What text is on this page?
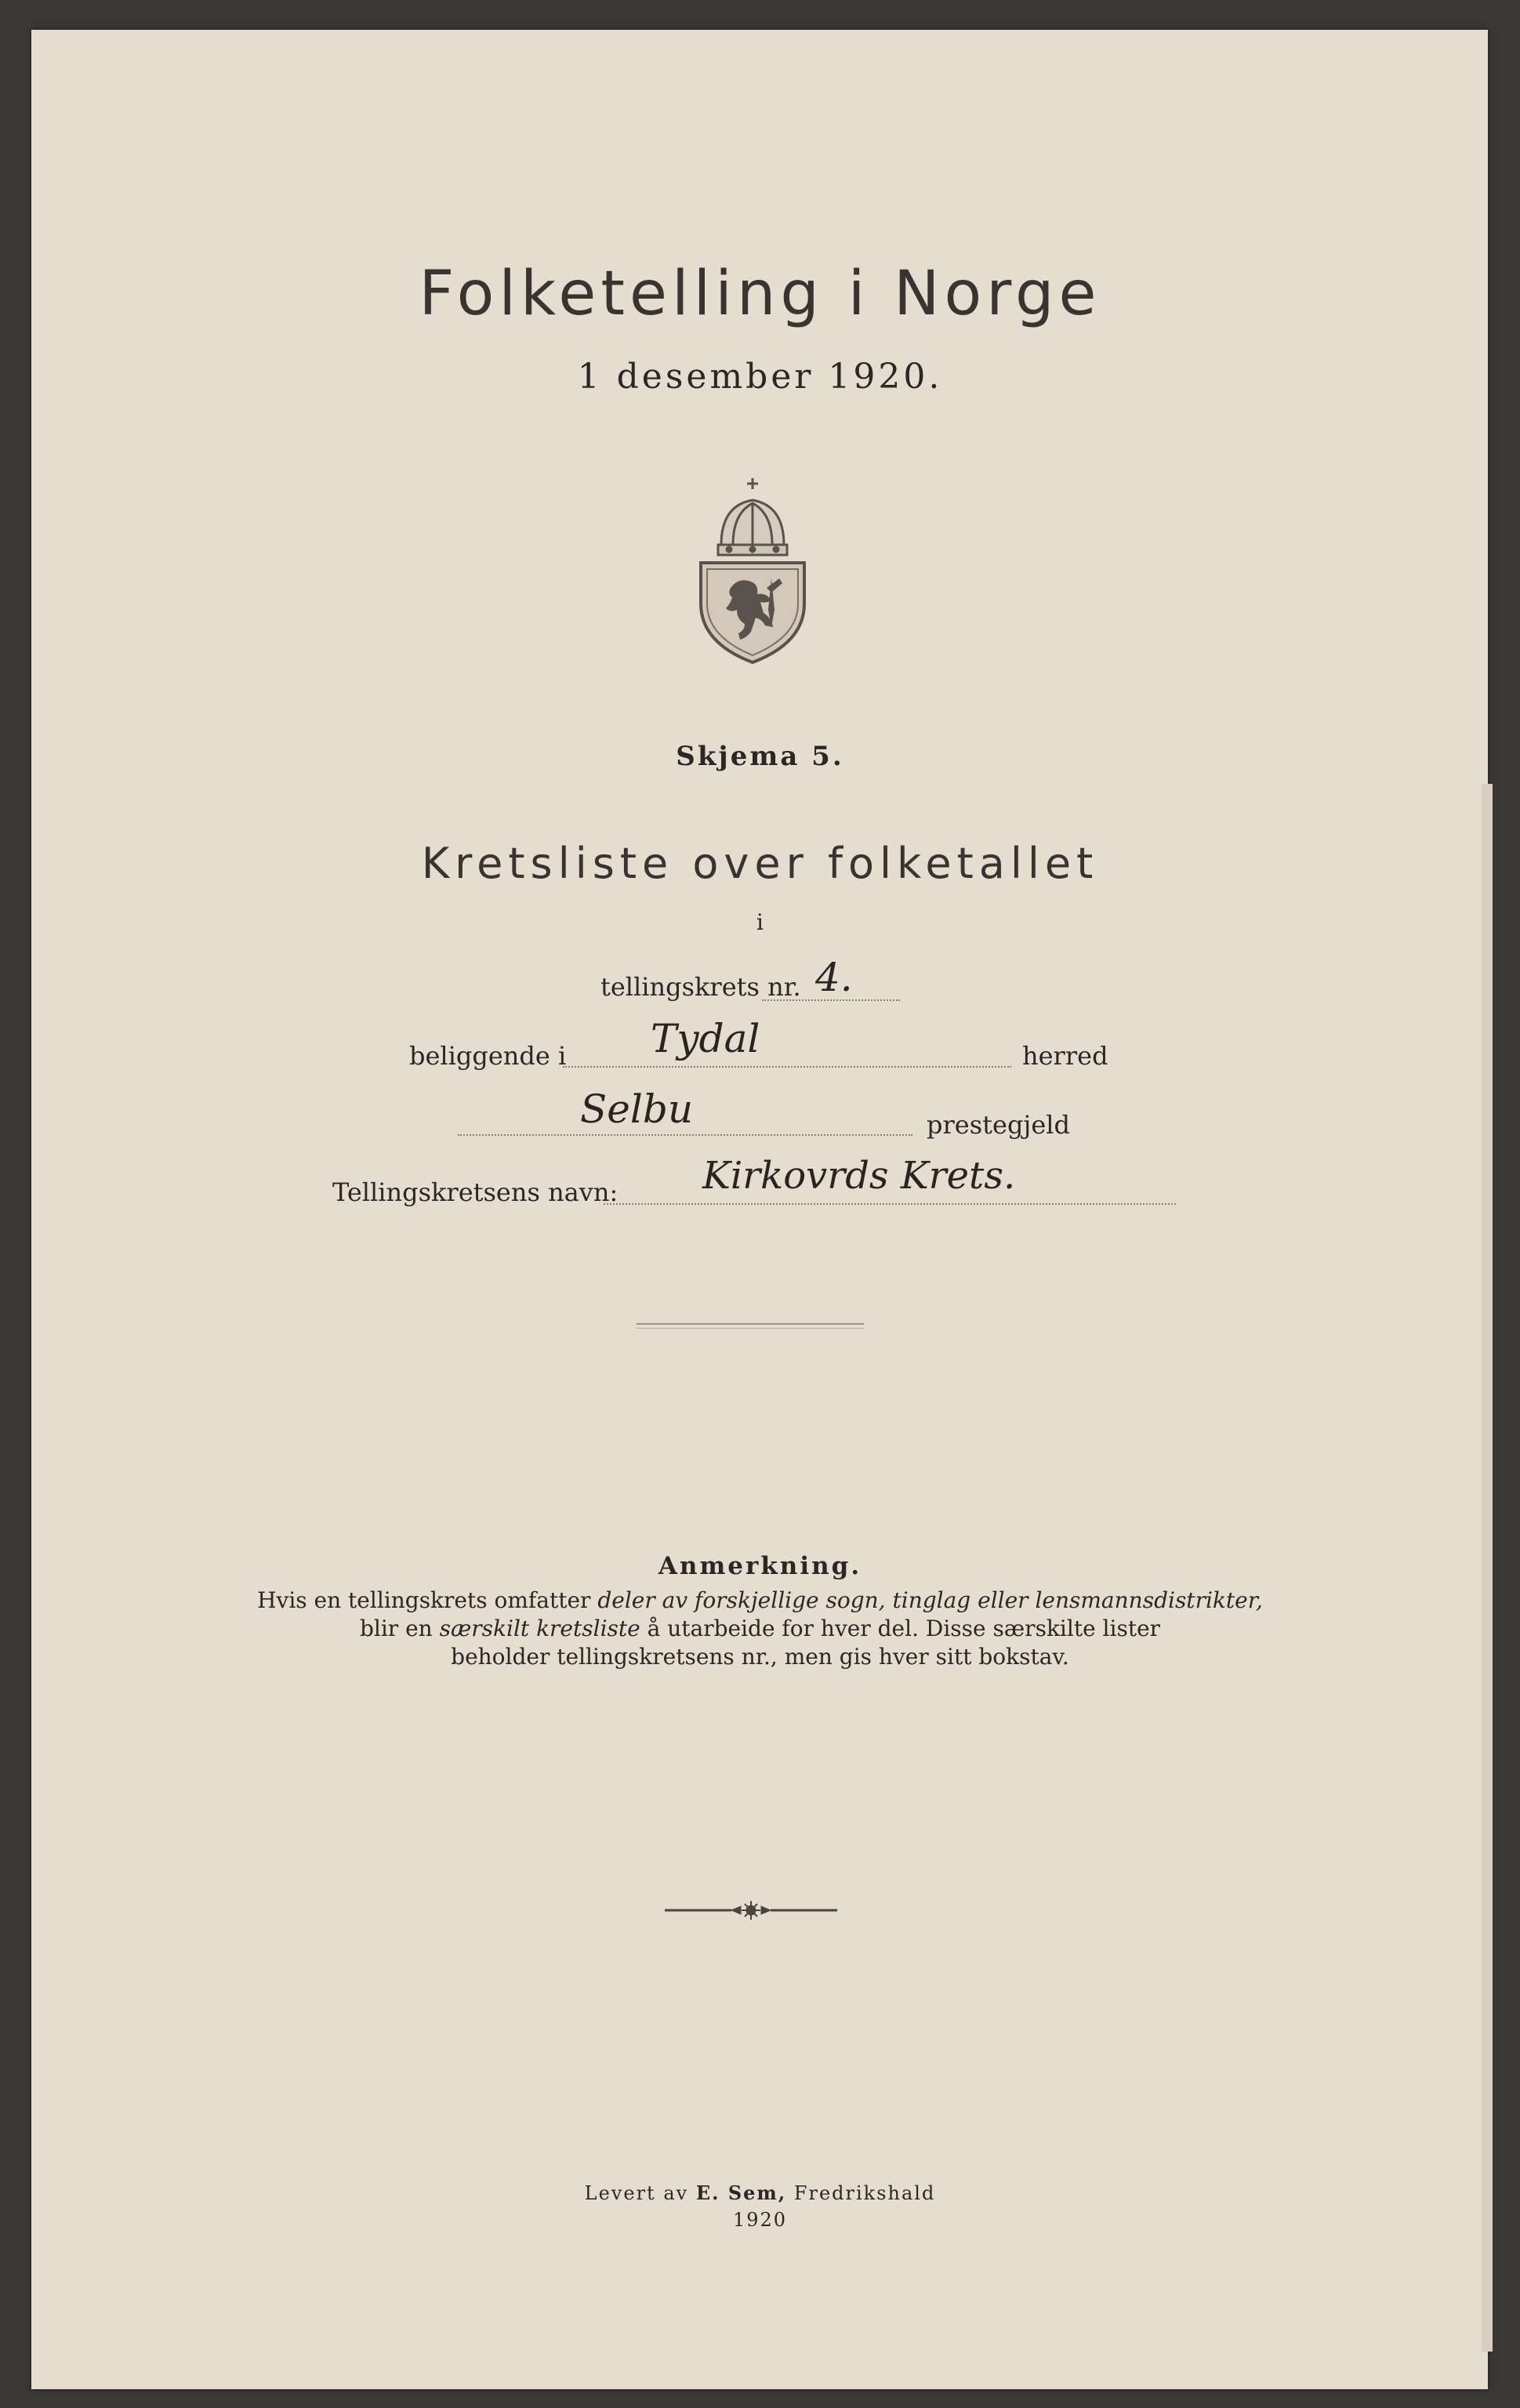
Folketelling i Norge
1 desember 1920.
Skjema 5.
Kretsliste over folketallet
i
tellingskrets nr. 4.
beliggende i Tydal	herred
Selbu	prestegjeld
Tellingskretsens navn: Kirkovrds Krets.
Anmerkning.
Hvis en tellingskrets omfatter deler av forskjellige sogn, tinglag eller lensmannsdistrikter,
blir en særskilt kretsliste å utarbeide for hver del. Disse særskilte lister
beholder tellingskretsens nr., men gis hver sitt bokstav.
Levert av E. Sem, Fredrikshald
1920
